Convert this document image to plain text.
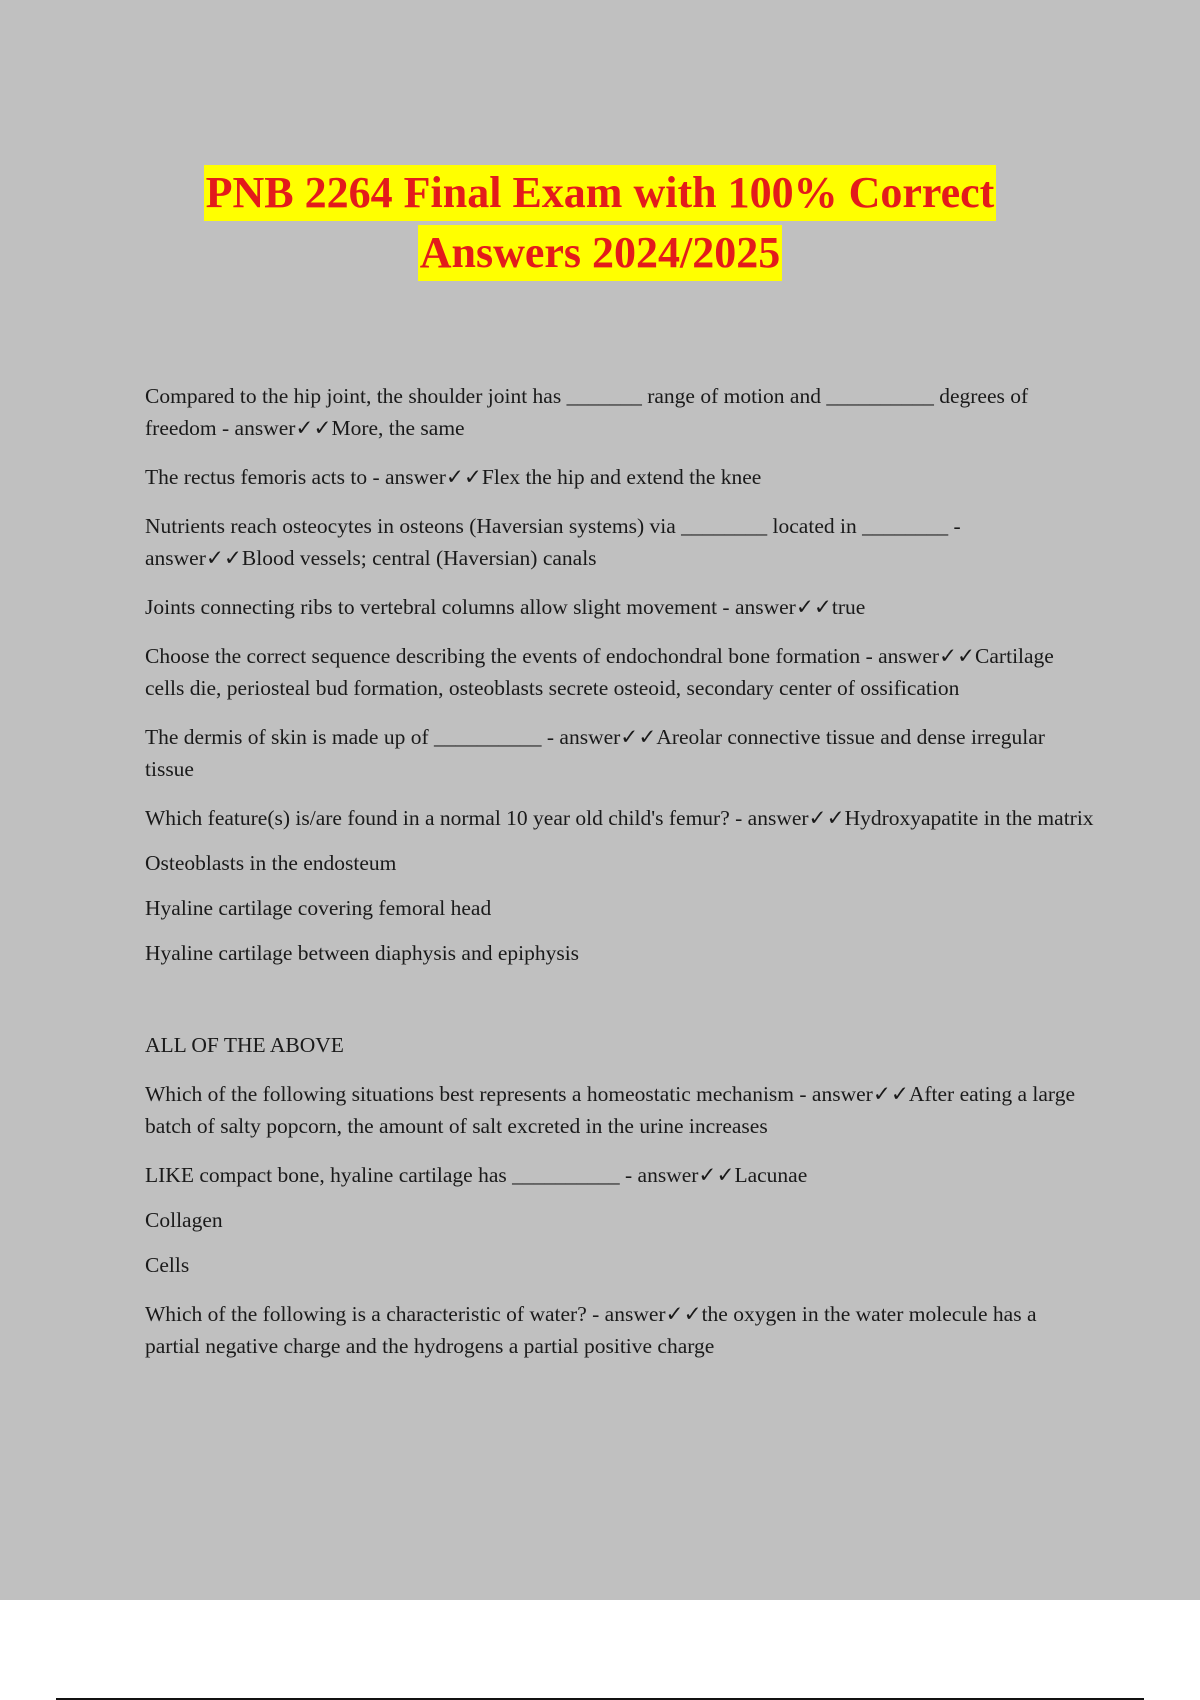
PNB 2264 Final Exam with 100% Correct
Answers 2024/2025

Compared to the hip joint, the shoulder joint has _______ range of motion and __________ degrees of freedom - answer✓✓More, the same

The rectus femoris acts to - answer✓✓Flex the hip and extend the knee

Nutrients reach osteocytes in osteons (Haversian systems) via ________ located in ________ - answer✓✓Blood vessels; central (Haversian) canals

Joints connecting ribs to vertebral columns allow slight movement - answer✓✓true

Choose the correct sequence describing the events of endochondral bone formation - answer✓✓Cartilage cells die, periosteal bud formation, osteoblasts secrete osteoid, secondary center of ossification

The dermis of skin is made up of __________ - answer✓✓Areolar connective tissue and dense irregular tissue

Which feature(s) is/are found in a normal 10 year old child's femur? - answer✓✓Hydroxyapatite in the matrix

Osteoblasts in the endosteum

Hyaline cartilage covering femoral head

Hyaline cartilage between diaphysis and epiphysis

ALL OF THE ABOVE

Which of the following situations best represents a homeostatic mechanism - answer✓✓After eating a large batch of salty popcorn, the amount of salt excreted in the urine increases

LIKE compact bone, hyaline cartilage has __________ - answer✓✓Lacunae

Collagen

Cells

Which of the following is a characteristic of water? - answer✓✓the oxygen in the water molecule has a partial negative charge and the hydrogens a partial positive charge
